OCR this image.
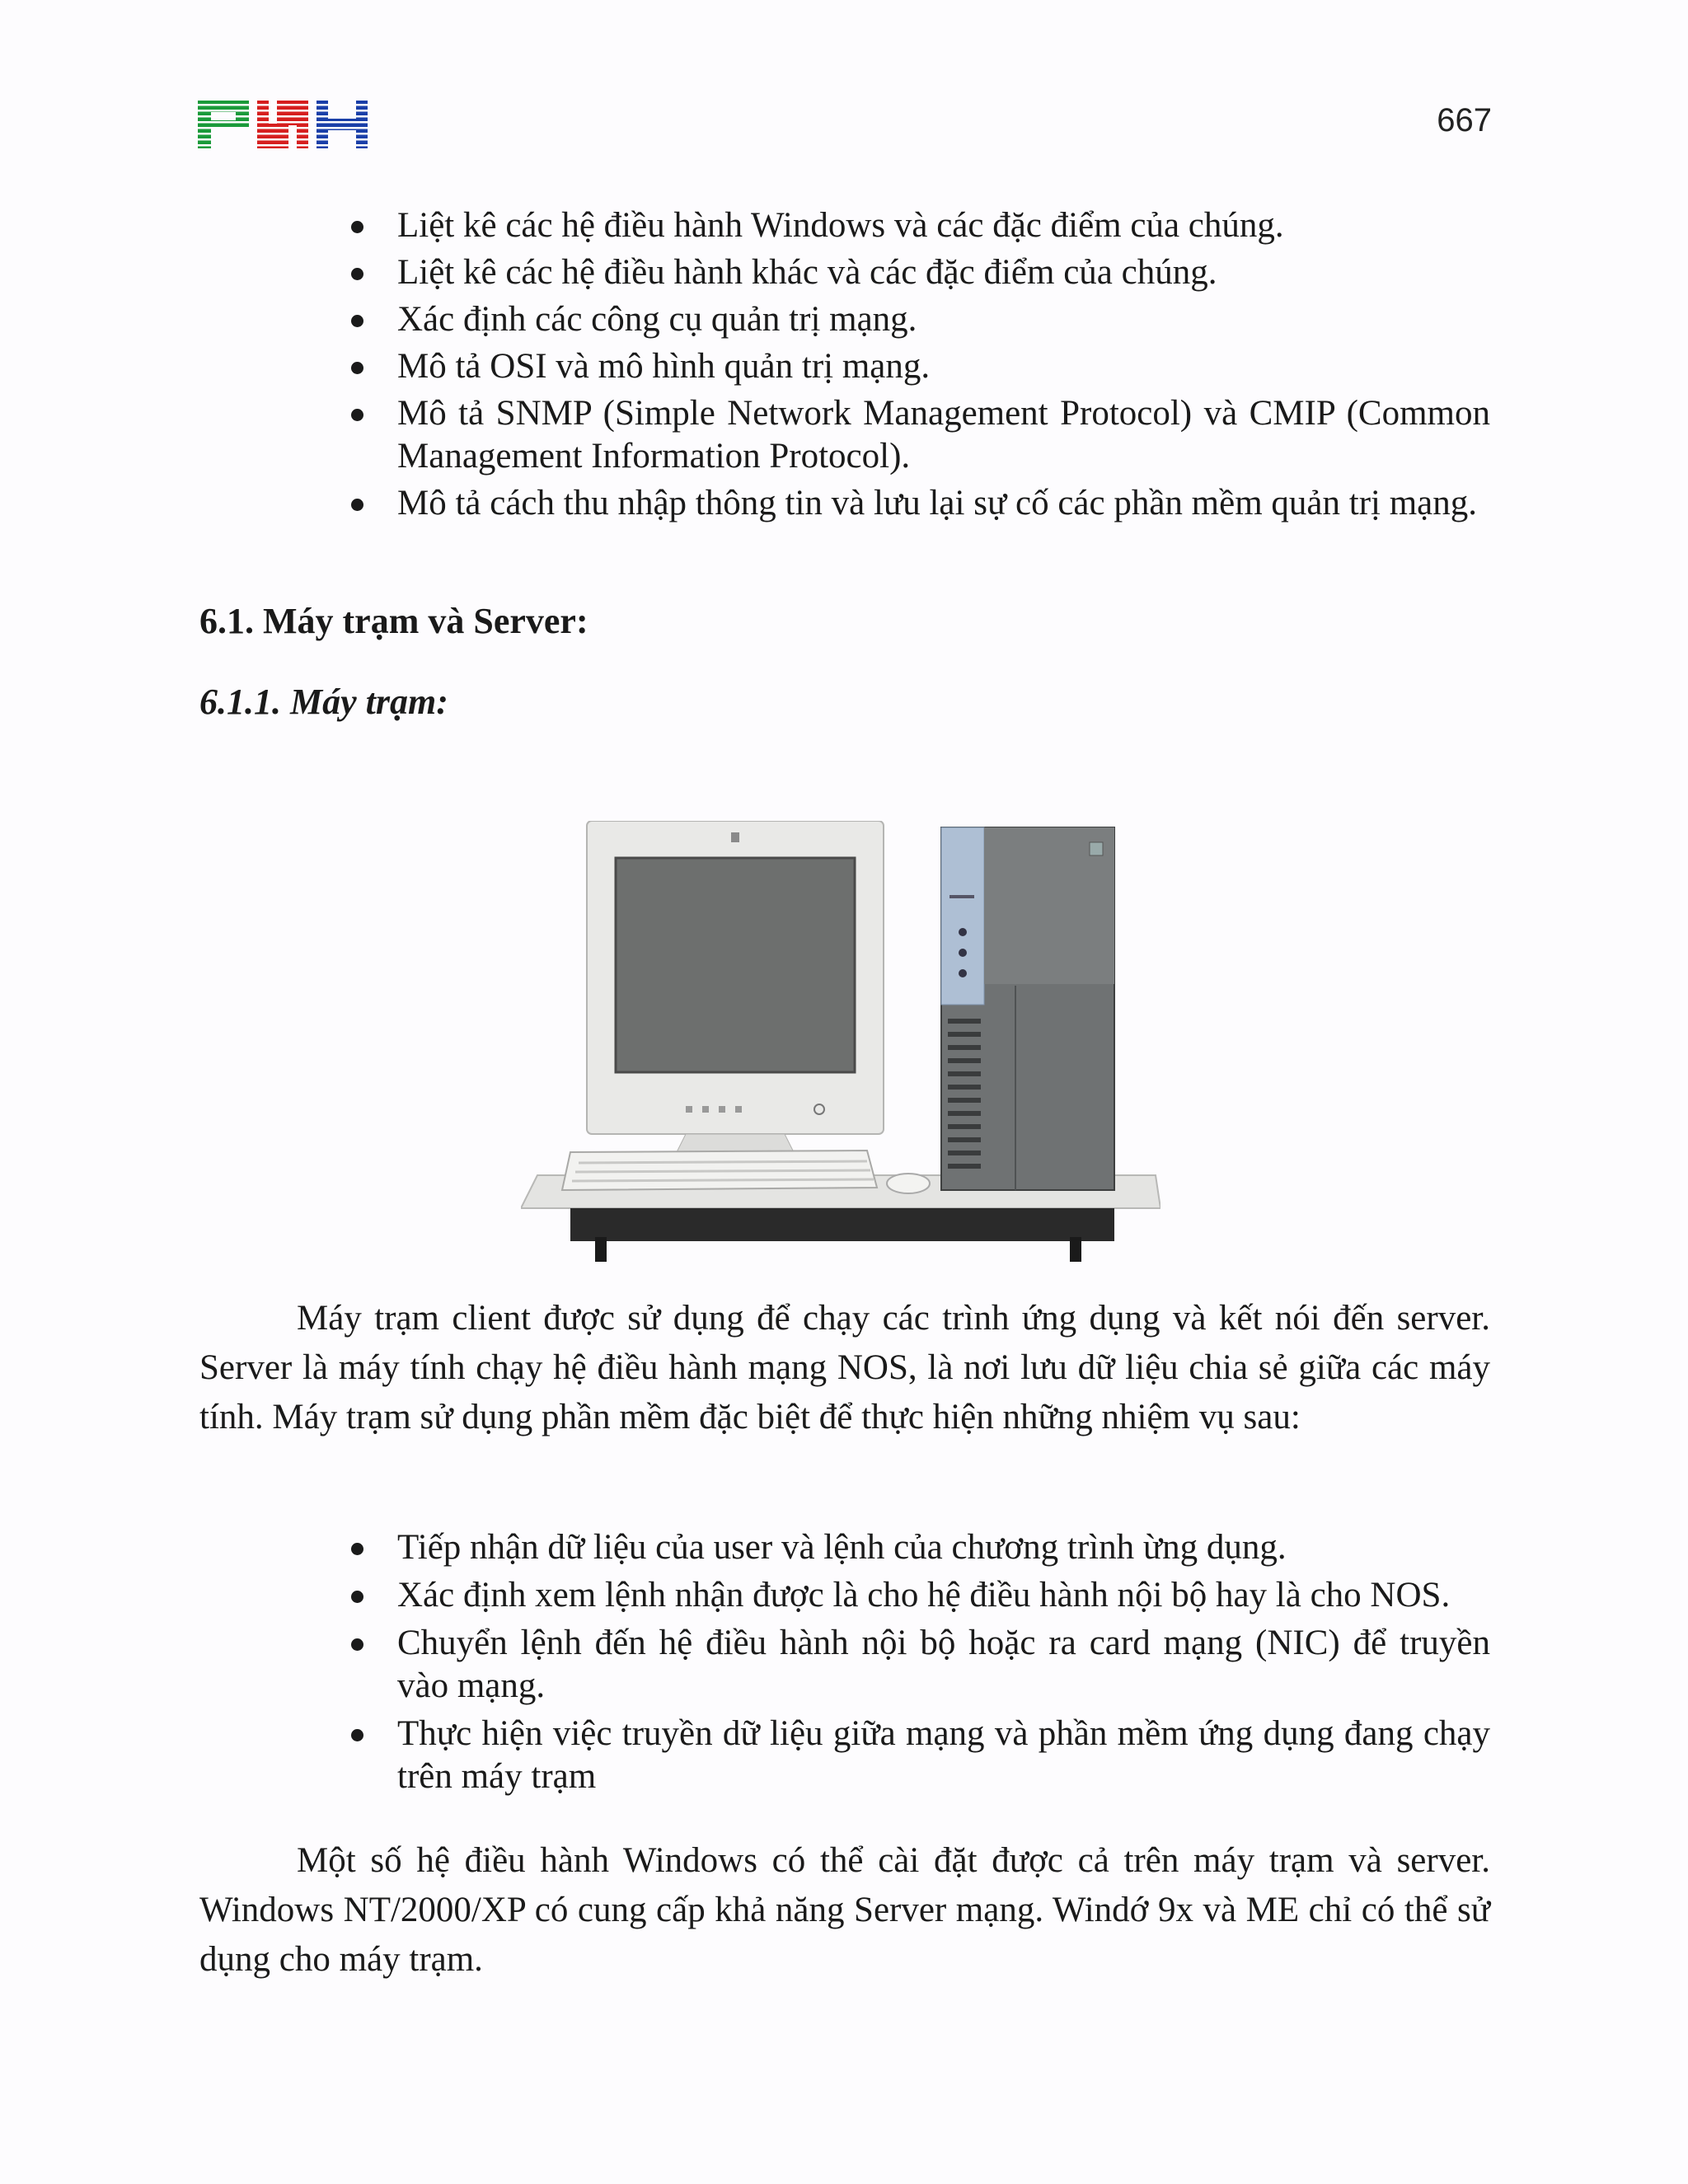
667
Liệt kê các hệ điều hành Windows và các đặc điểm của chúng.
Liệt kê các hệ điều hành khác và các đặc điểm của chúng.
Xác định các công cụ quản trị mạng.
Mô tả OSI và mô hình quản trị mạng.
Mô tả SNMP (Simple Network Management Protocol) và CMIP (Common Management Information Protocol).
Mô tả cách thu nhập thông tin và lưu lại sự cố các phần mềm quản trị mạng.
6.1. Máy trạm và Server:
6.1.1. Máy trạm:

Máy trạm client được sử dụng để chạy các trình ứng dụng và kết nói đến server. Server là máy tính chạy hệ điều hành mạng NOS, là nơi lưu dữ liệu chia sẻ giữa các máy tính. Máy trạm sử dụng phần mềm đặc biệt để thực hiện những nhiệm vụ sau:

Tiếp nhận dữ liệu của user và lệnh của chương trình ừng dụng.
Xác định xem lệnh nhận được là cho hệ điều hành nội bộ hay là cho NOS.
Chuyển lệnh đến hệ điều hành nội bộ hoặc ra card mạng (NIC) để truyền vào mạng.
Thực hiện việc truyền dữ liệu giữa mạng và phần mềm ứng dụng đang chạy trên máy trạm

Một số hệ điều hành Windows có thể cài đặt được cả trên máy trạm và server. Windows NT/2000/XP có cung cấp khả năng Server mạng. Windớ 9x và ME chỉ có thể sử dụng cho máy trạm.
